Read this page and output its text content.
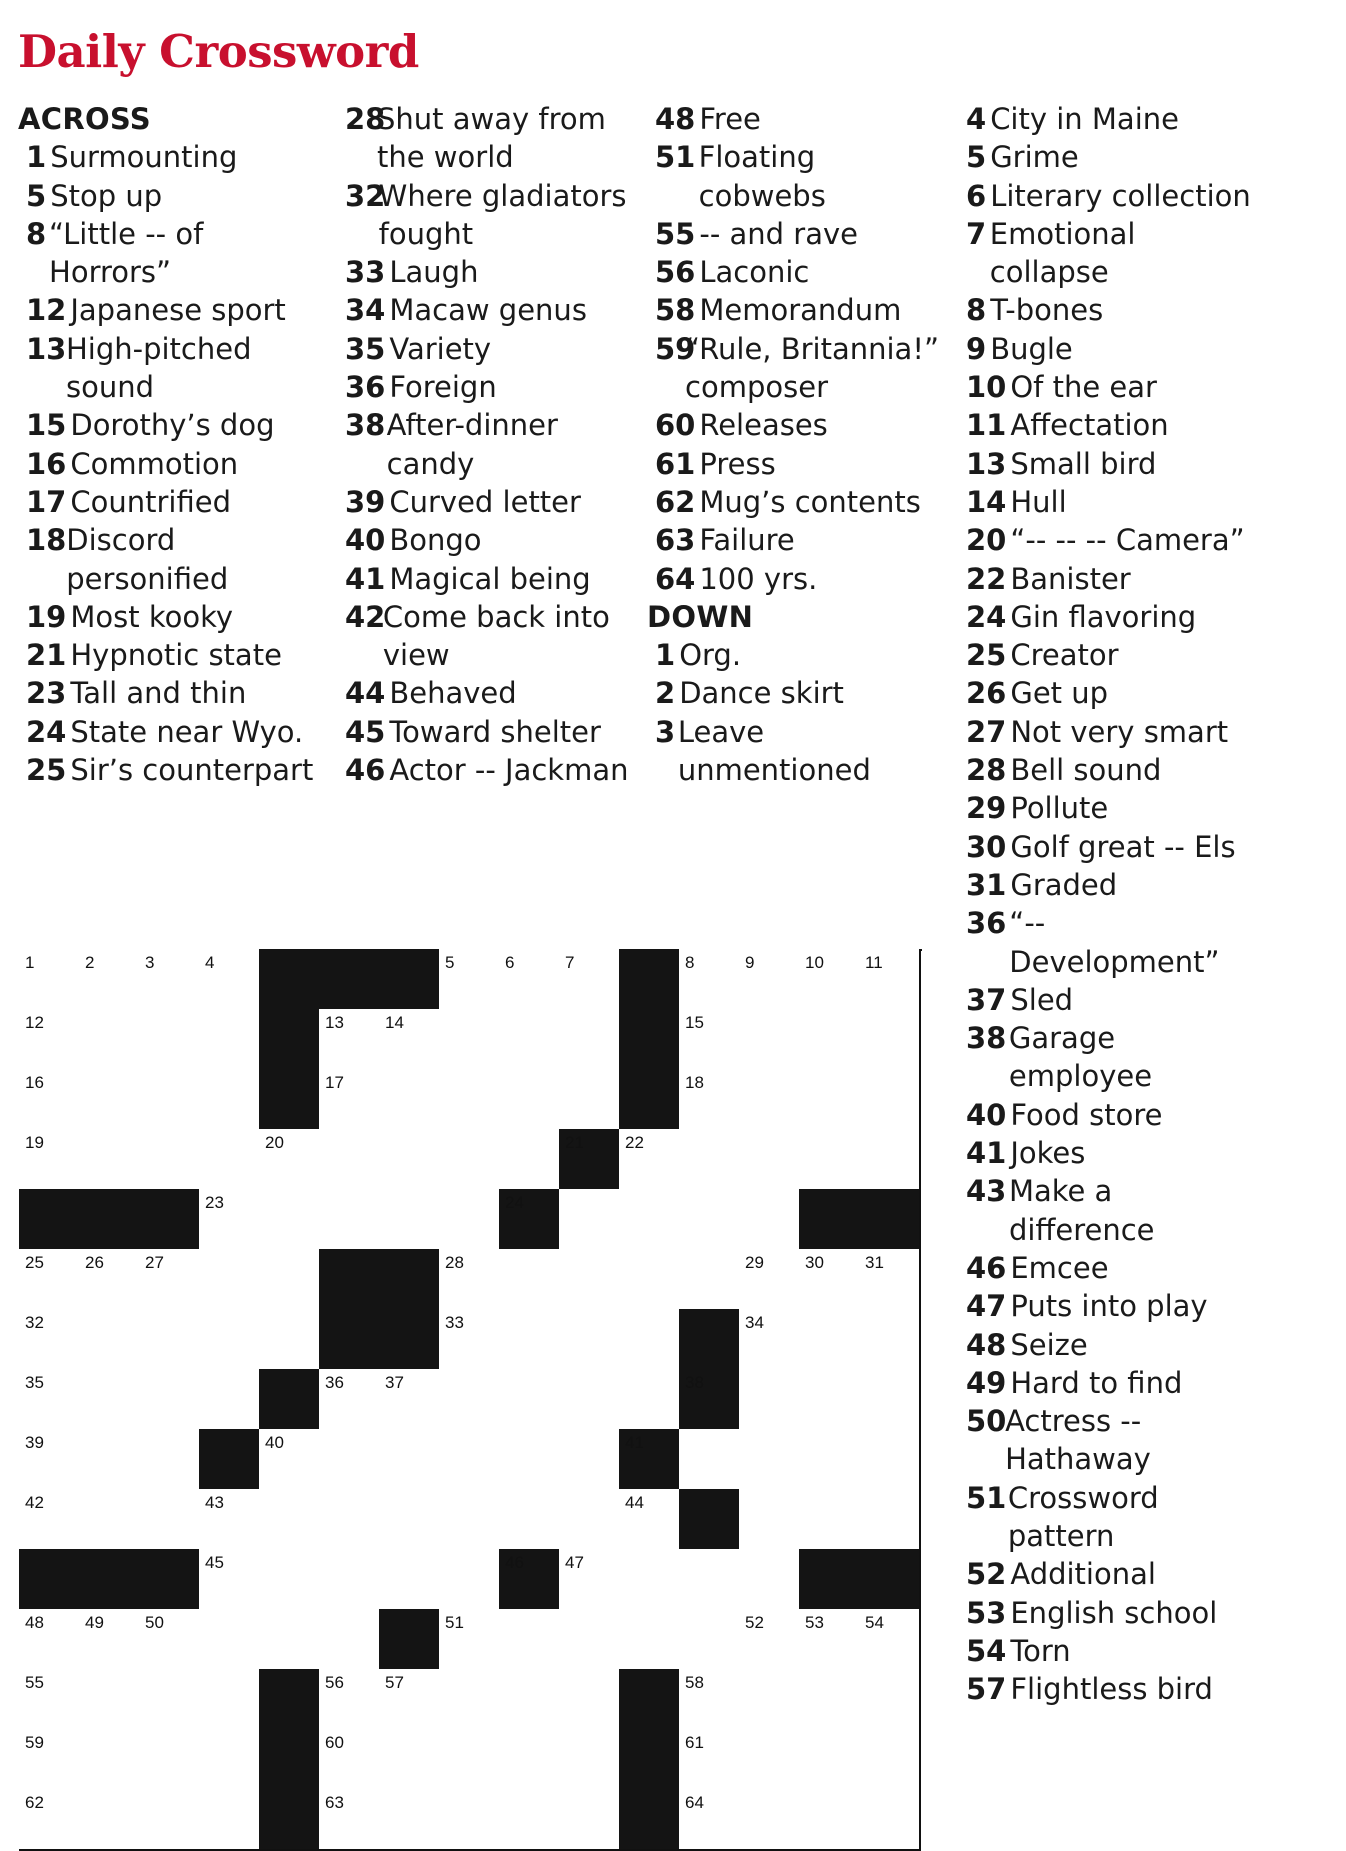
Daily Crossword
ACROSS
1 Surmounting
5 Stop up
8 “Little -- of Horrors”
12 Japanese sport
13 High-pitched sound
15 Dorothy’s dog
16 Commotion
17 Countrified
18 Discord personified
19 Most kooky
21 Hypnotic state
23 Tall and thin
24 State near Wyo.
25 Sir’s counterpart
28
Shut away from the world
32
Where gladiators fought
33 Laugh
34 Macaw genus
35 Variety
36 Foreign
38 After-dinner candy
39 Curved letter
40 Bongo
41 Magical being
42
Come back into view
44 Behaved
45 Toward shelter
46 Actor -- Jackman
48 Free
51 Floating cobwebs
55 -- and rave
56 Laconic
58 Memorandum
59
“Rule, Britannia!” composer
60 Releases
61 Press
62 Mug’s contents
63 Failure
64 100 yrs.
DOWN
1 Org.
2 Dance skirt
3 Leave unmentioned
4 City in Maine
5 Grime
6 Literary collection
7 Emotional collapse
8 T-bones
9 Bugle
10 Of the ear
11 Affectation
13 Small bird
14 Hull
20 “-- -- -- Camera”
22 Banister
24 Gin flavoring
25 Creator
26 Get up
27 Not very smart
28 Bell sound
29 Pollute
30 Golf great -- Els
31 Graded
36 “-- Development”
37 Sled
38 Garage employee
40 Food store
41 Jokes
43 Make a difference
46 Emcee
47 Puts into play
48 Seize
49 Hard to find
50
Actress -- Hathaway
51 Crossword pattern
52 Additional
53 English school
54 Torn
57 Flightless bird
1	2	3	4	5	6	7	8	9	10 11
12	13 14	15
16	17	18
19	20	21 22
23	24
25 26 27	28	29 30 31
32	33	34
35	36 37	38
39	40	41
42	43	44
45	46 47
48 49 50	51	52 53 54
55	56 57	58
59	60	61
62	63	64
